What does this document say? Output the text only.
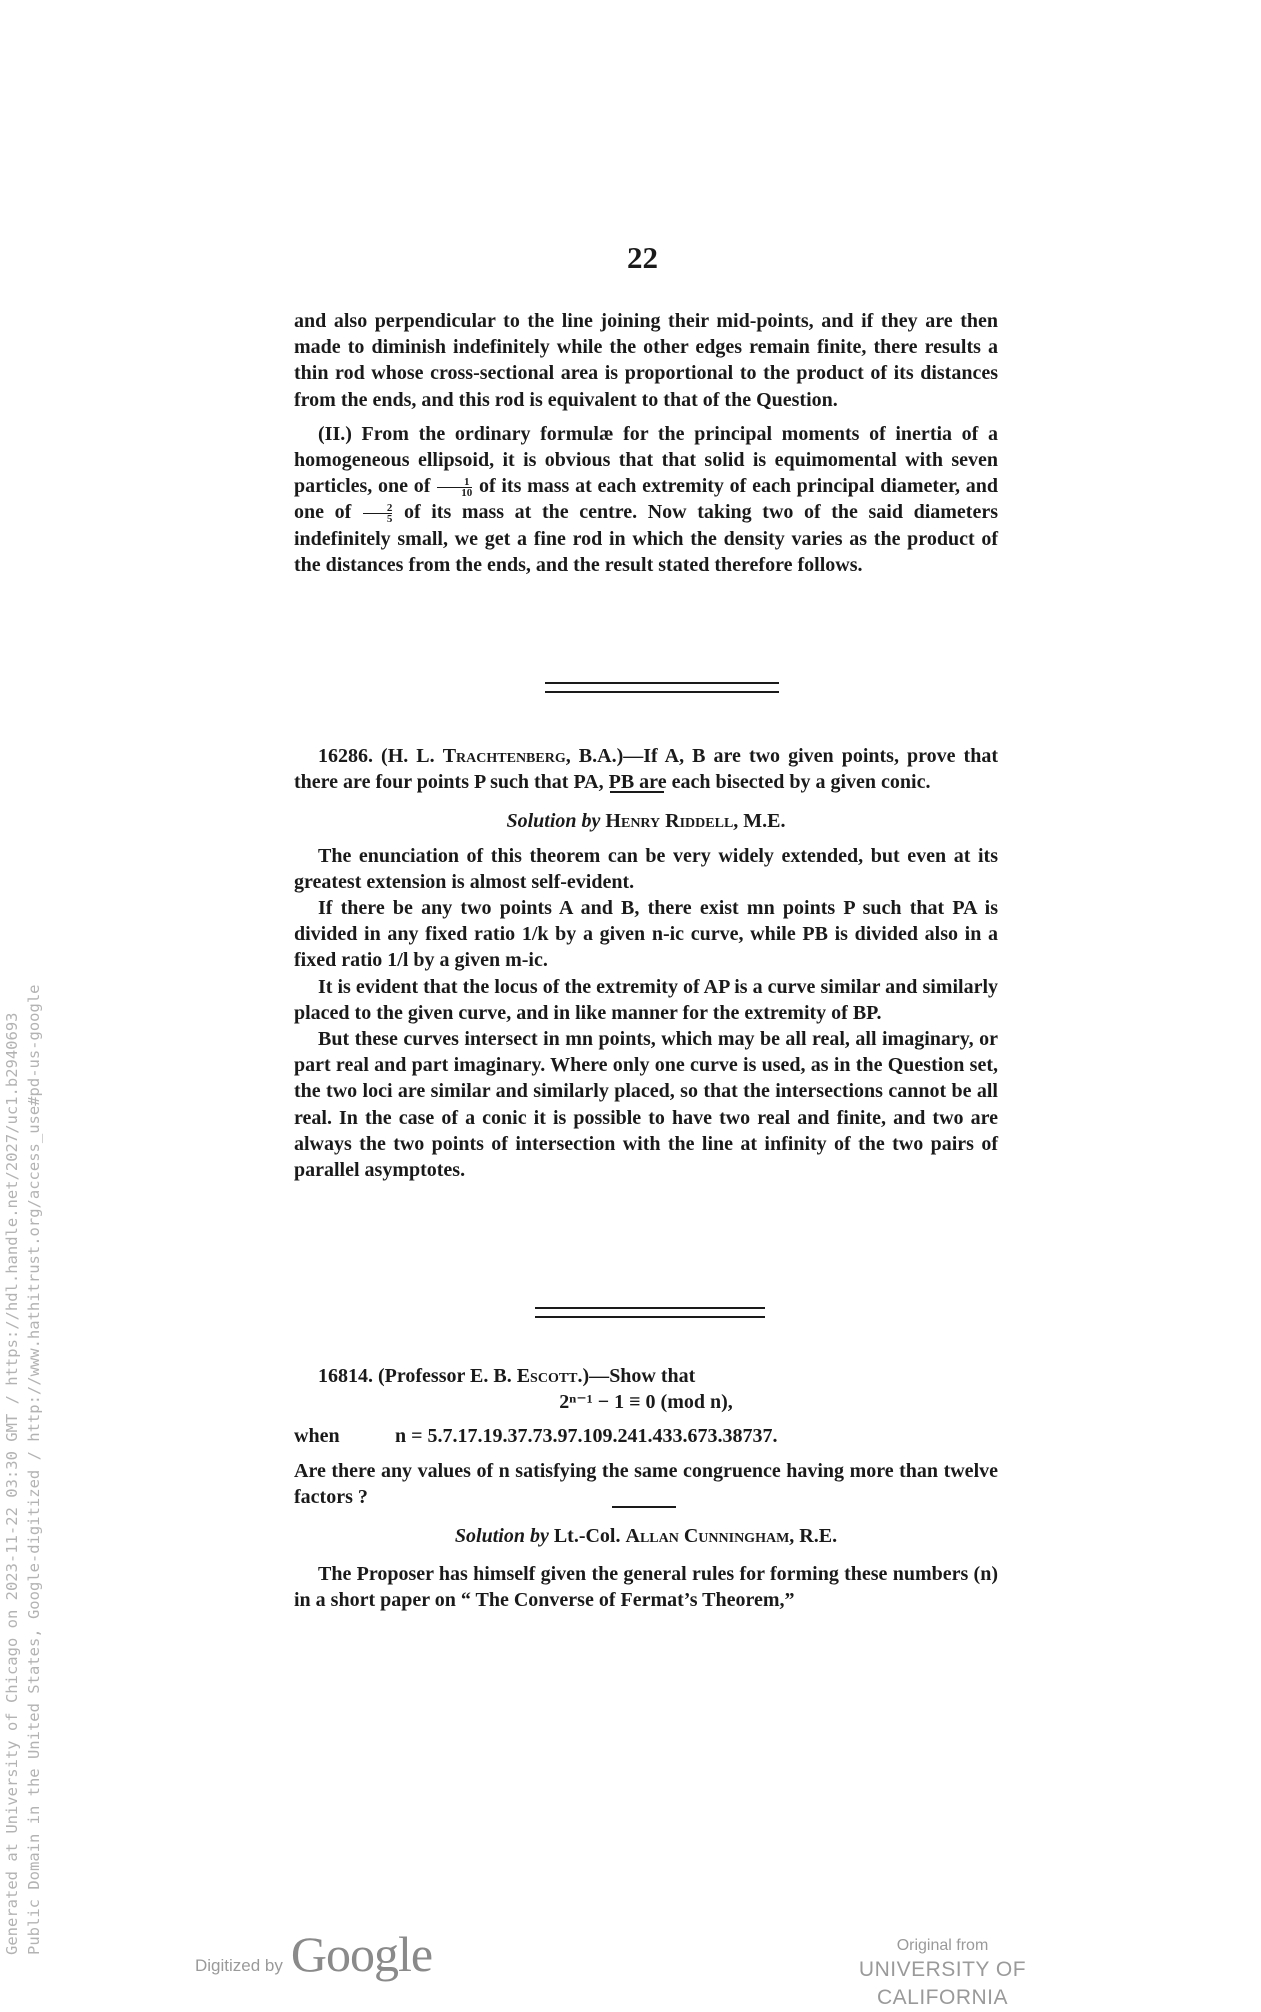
Generated at University of Chicago on 2023-11-22 03:30 GMT / https://hdl.handle.net/2027/uc1.b2940693 Public Domain in the United States, Google-digitized / http://www.hathitrust.org/access_use#pd-us-google
22

and also perpendicular to the line joining their mid-points, and if they are then made to diminish indefinitely while the other edges remain finite, there results a thin rod whose cross-sectional area is proportional to the product of its distances from the ends, and this rod is equivalent to that of the Question.

(II.) From the ordinary formulæ for the principal moments of inertia of a homogeneous ellipsoid, it is obvious that that solid is equimomental with seven particles, one of $\frac{1}{10}$ of its mass at each extremity of each principal diameter, and one of $\frac{2}{5}$ of its mass at the centre. Now taking two of the said diameters indefinitely small, we get a fine rod in which the density varies as the product of the distances from the ends, and the result stated therefore follows.

16286. (H. L. Trachtenberg, B.A.)—If A, B are two given points, prove that there are four points P such that PA, PB are each bisected by a given conic.

Solution by Henry Riddell, M.E.

The enunciation of this theorem can be very widely extended, but even at its greatest extension is almost self-evident.

If there be any two points A and B, there exist mn points P such that PA is divided in any fixed ratio 1/k by a given n-ic curve, while PB is divided also in a fixed ratio 1/l by a given m-ic.

It is evident that the locus of the extremity of AP is a curve similar and similarly placed to the given curve, and in like manner for the extremity of BP.

But these curves intersect in mn points, which may be all real, all imaginary, or part real and part imaginary. Where only one curve is used, as in the Question set, the two loci are similar and similarly placed, so that the intersections cannot be all real. In the case of a conic it is possible to have two real and finite, and two are always the two points of intersection with the line at infinity of the two pairs of parallel asymptotes.

16814. (Professor E. B. Escott.)—Show that

2ⁿ⁻¹ − 1 ≡ 0 (mod n),

when	n = 5.7.17.19.37.73.97.109.241.433.673.38737.

Are there any values of n satisfying the same congruence having more than twelve factors ?

Solution by Lt.-Col. Allan Cunningham, R.E.

The Proposer has himself given the general rules for forming these numbers (n) in a short paper on “ The Converse of Fermat’s Theorem,”

Digitized by Google	Original from
UNIVERSITY OF CALIFORNIA
